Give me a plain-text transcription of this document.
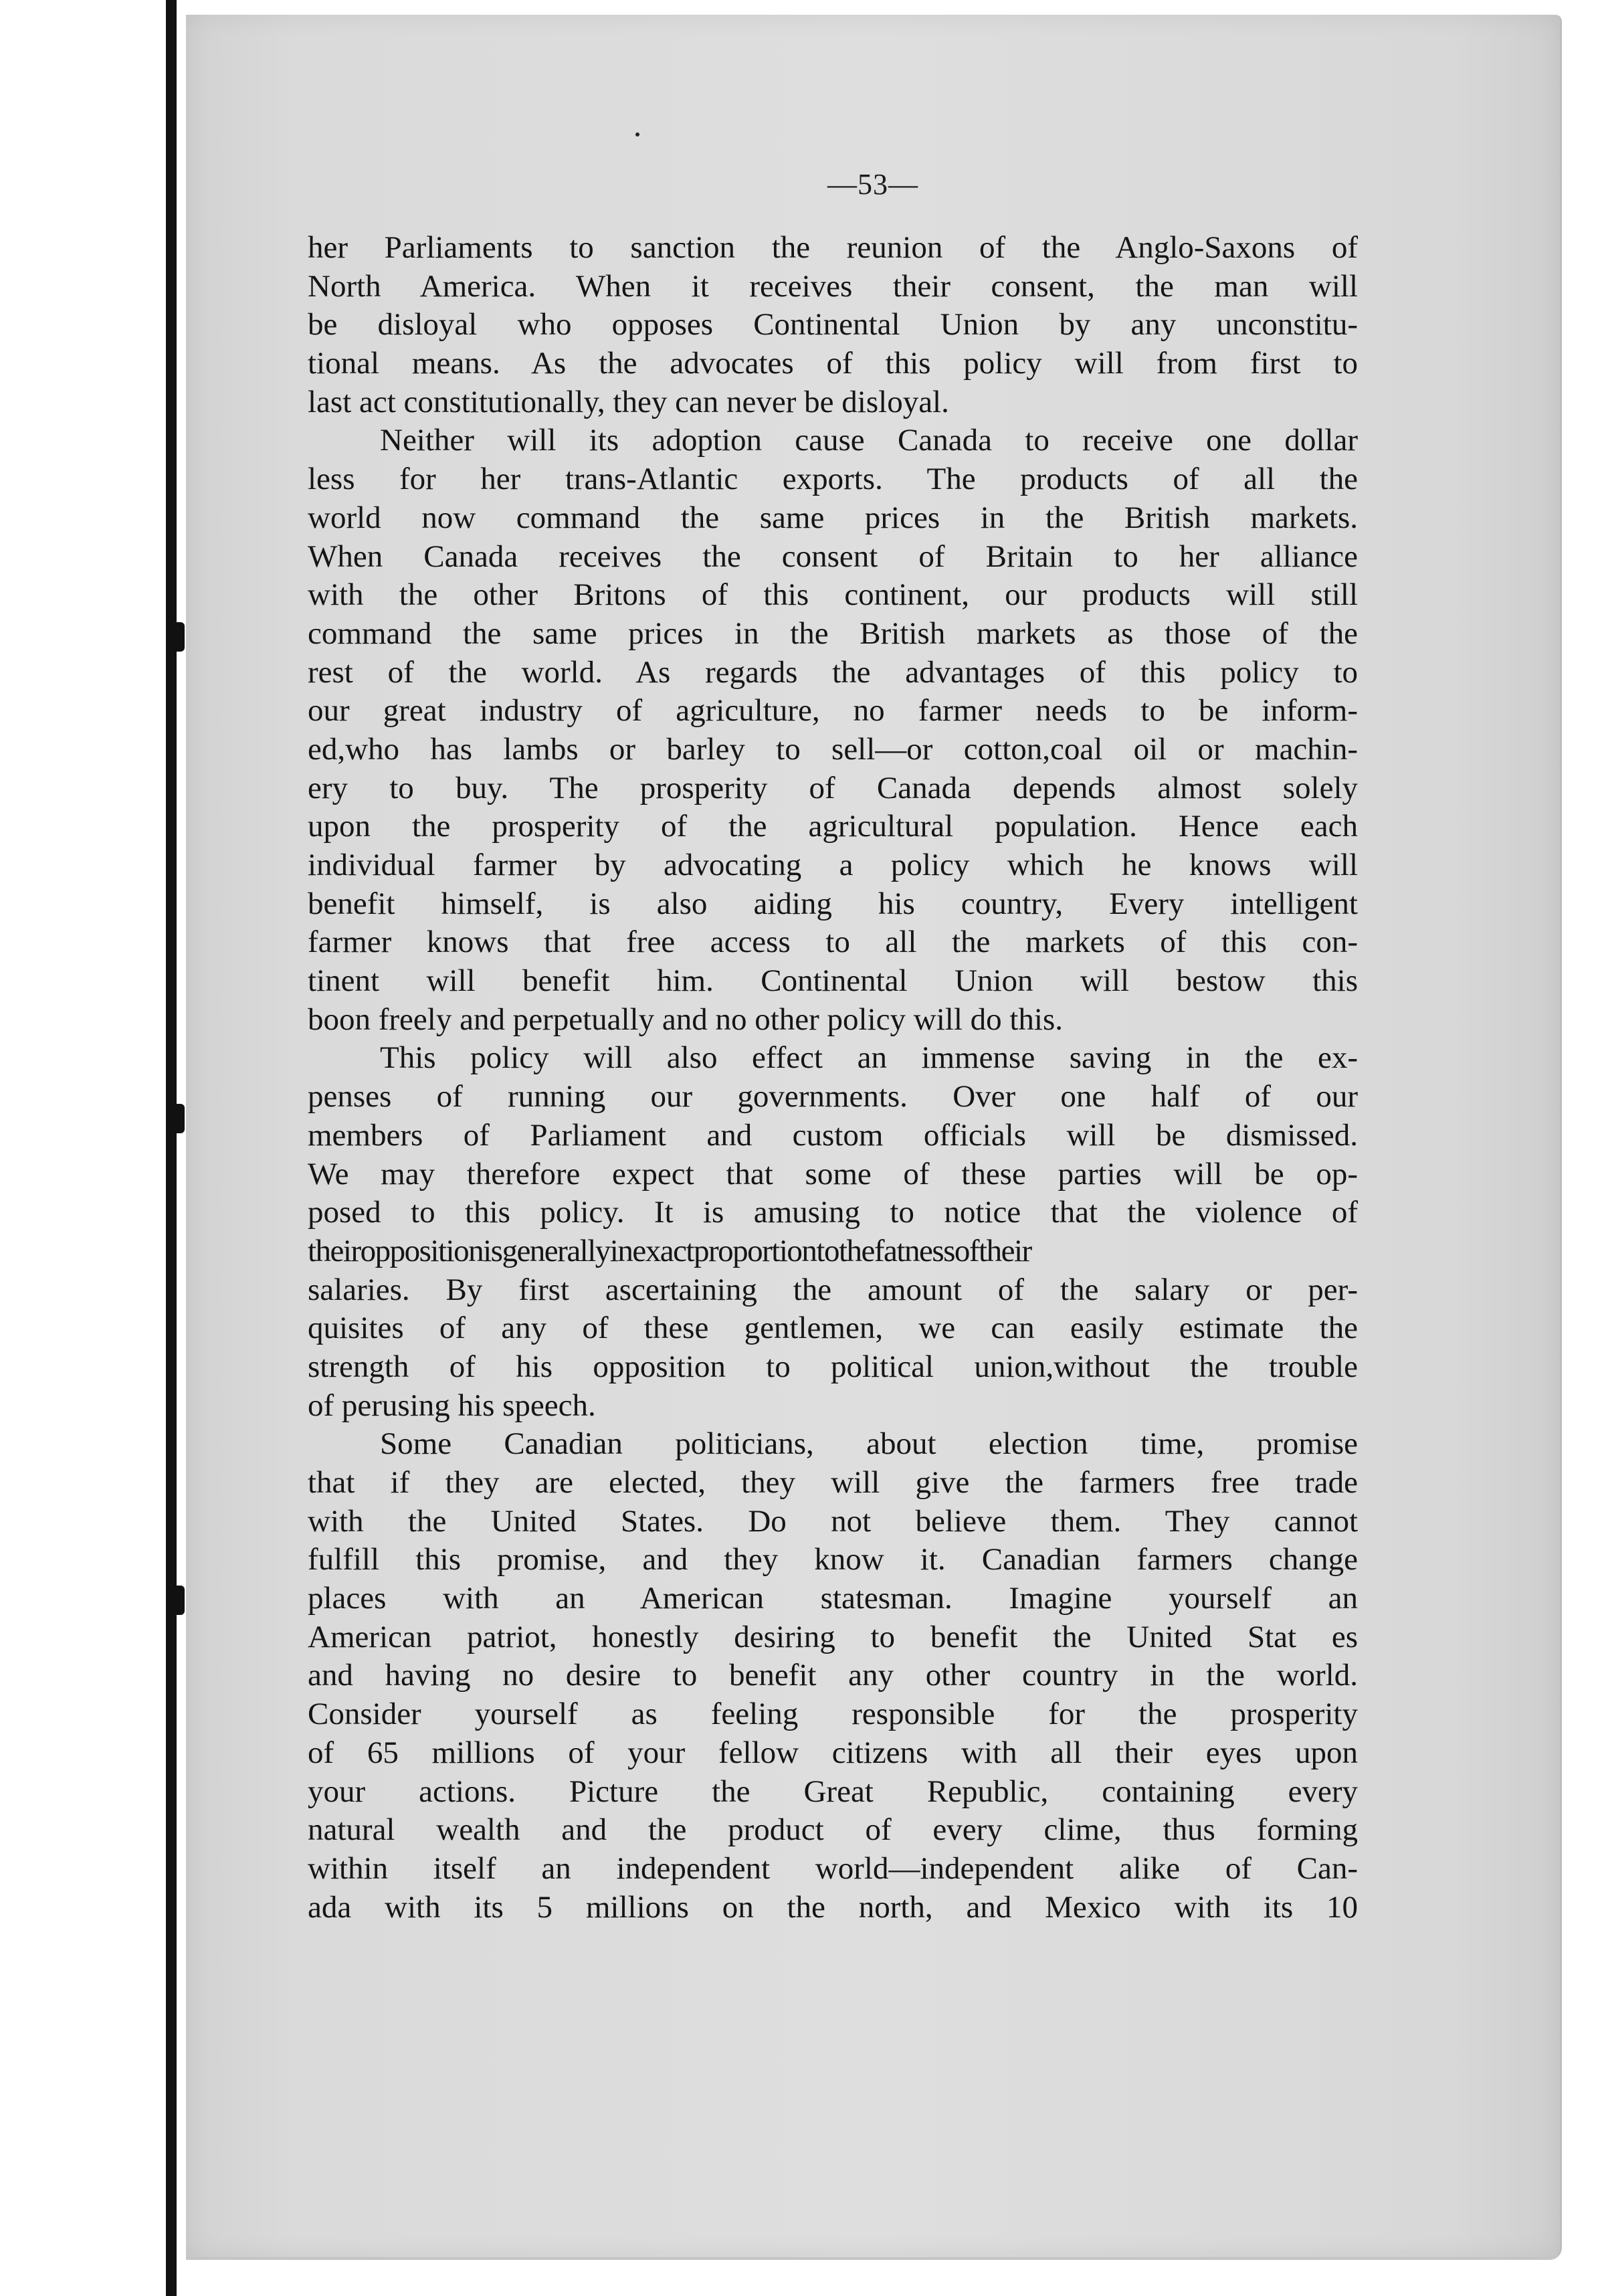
—53—
her Parliaments to sanction the reunion of the Anglo-Saxons of
North America. When it receives their consent, the man will
be disloyal who opposes Continental Union by any unconstitu-
tional means. As the advocates of this policy will from first to
last act constitutionally, they can never be disloyal.
Neither will its adoption cause Canada to receive one dollar
less for her trans-Atlantic exports. The products of all the
world now command the same prices in the British markets.
When Canada receives the consent of Britain to her alliance
with the other Britons of this continent, our products will still
command the same prices in the British markets as those of the
rest of the world. As regards the advantages of this policy to
our great industry of agriculture, no farmer needs to be inform-
ed,who has lambs or barley to sell—or cotton,coal oil or machin-
ery to buy. The prosperity of Canada depends almost solely
upon the prosperity of the agricultural population. Hence each
individual farmer by advocating a policy which he knows will
benefit himself, is also aiding his country, Every intelligent
farmer knows that free access to all the markets of this con-
tinent will benefit him. Continental Union will bestow this
boon freely and perpetually and no other policy will do this.
This policy will also effect an immense saving in the ex-
penses of running our governments. Over one half of our
members of Parliament and custom officials will be dismissed.
We may therefore expect that some of these parties will be op-
posed to this policy. It is amusing to notice that the violence of
theiroppositionisgenerallyinexactproportiontothefatnessoftheir
salaries. By first ascertaining the amount of the salary or per-
quisites of any of these gentlemen, we can easily estimate the
strength of his opposition to political union,without the trouble
of perusing his speech.
Some Canadian politicians, about election time, promise
that if they are elected, they will give the farmers free trade
with the United States. Do not believe them. They cannot
fulfill this promise, and they know it. Canadian farmers change
places with an American statesman. Imagine yourself an
American patriot, honestly desiring to benefit the United Stat es
and having no desire to benefit any other country in the world.
Consider yourself as feeling responsible for the prosperity
of 65 millions of your fellow citizens with all their eyes upon
your actions. Picture the Great Republic, containing every
natural wealth and the product of every clime, thus forming
within itself an independent world—independent alike of Can-
ada with its 5 millions on the north, and Mexico with its 10
